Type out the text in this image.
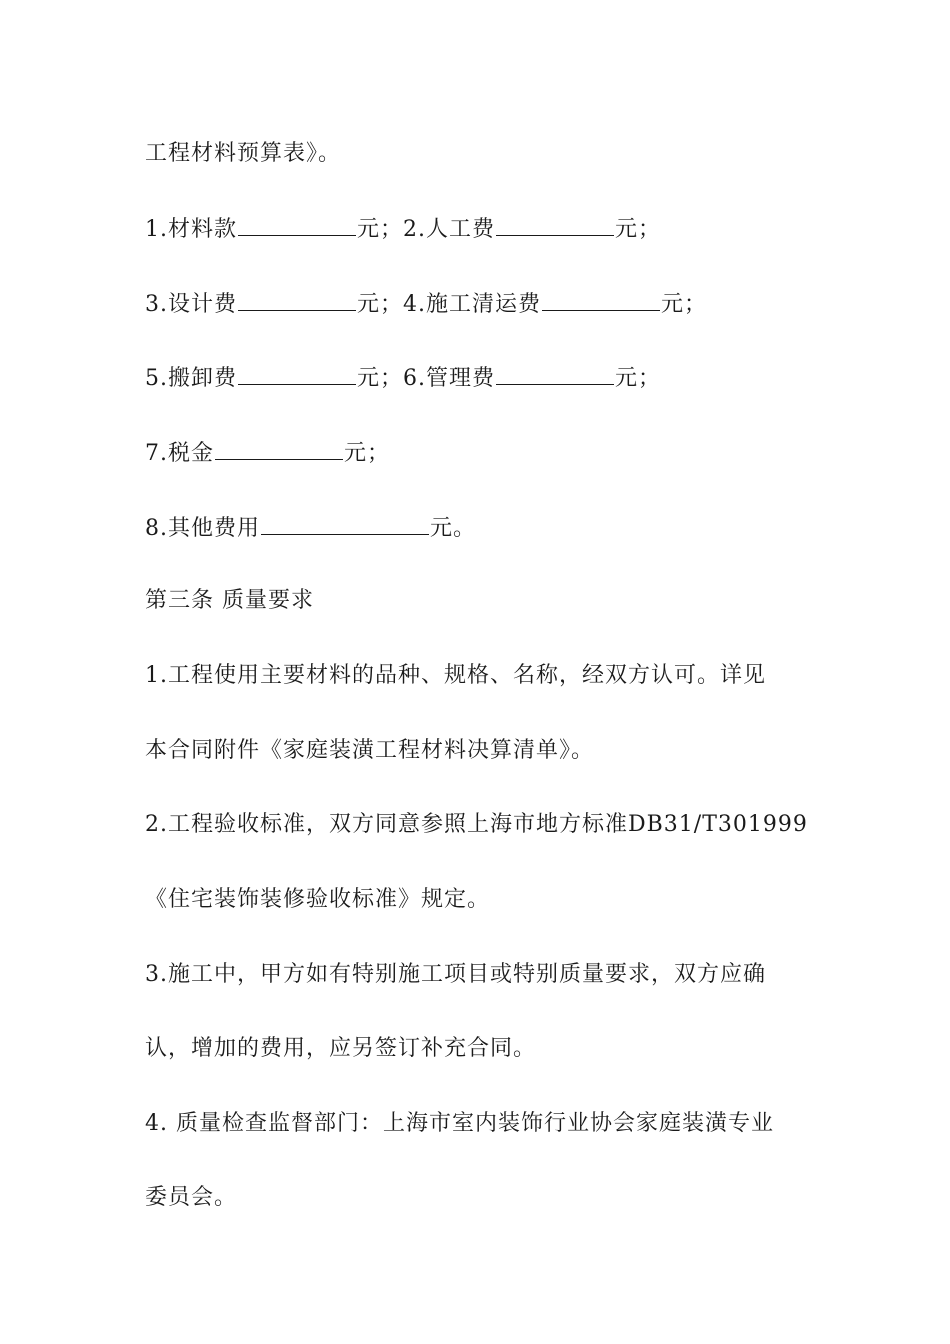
工程材料预算表》。
1.材料款	元；2.人工费	元；
3.设计费	元；4.施工清运费	元；
5.搬卸费	元；6.管理费	元；
7.税金	元；
8.其他费用	元。
第三条 质量要求
1.工程使用主要材料的品种、规格、名称，经双方认可。详见
本合同附件《家庭装潢工程材料决算清单》。
2.工程验收标准，双方同意参照上海市地方标准DB31/T301999
《住宅装饰装修验收标准》规定。
3.施工中，甲方如有特别施工项目或特别质量要求，双方应确
认，增加的费用，应另签订补充合同。
4. 质量检查监督部门：上海市室内装饰行业协会家庭装潢专业
委员会。
